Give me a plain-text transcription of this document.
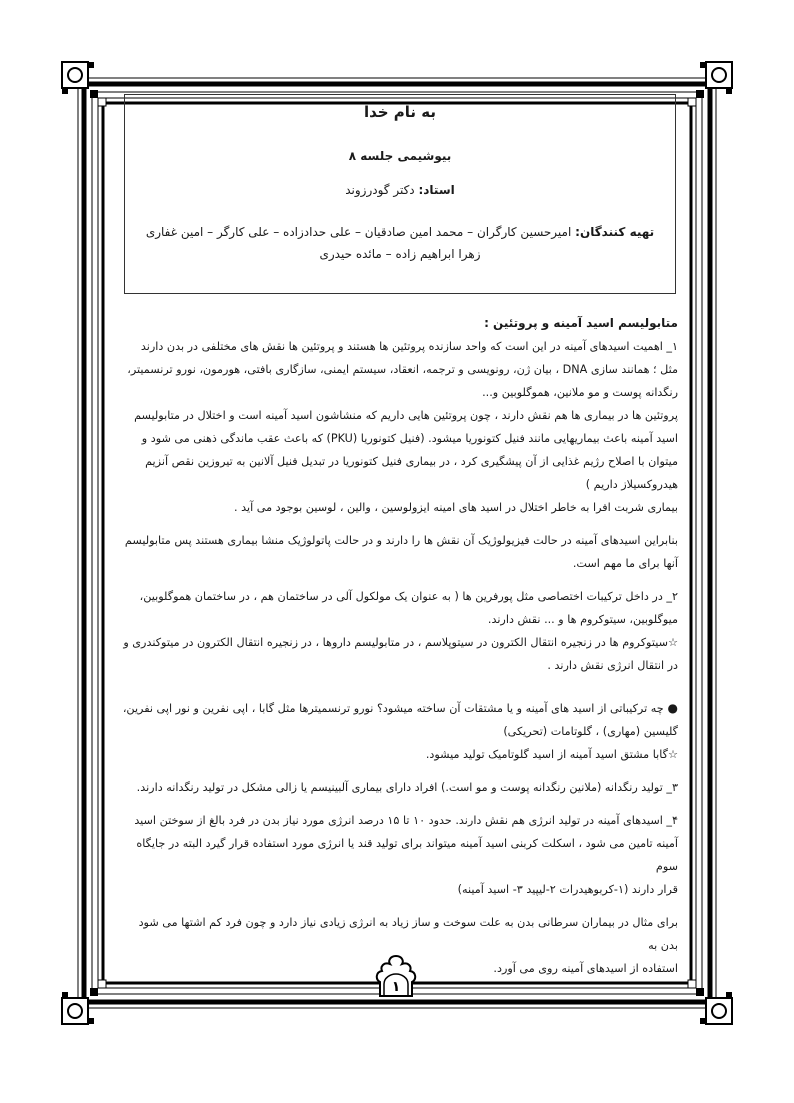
به نام خدا
بیوشیمی جلسه ۸
استاد: دکتر گودرزوند
تهیه کنندگان: امیرحسین کارگران – محمد امین صادقیان – علی حدادزاده – علی کارگر – امین غفاری
زهرا ابراهیم زاده – مائده حیدری

متابولیسم اسید آمینه و پروتئین :

۱_ اهمیت اسیدهای آمینه در این است که واحد سازنده پروتئین ها هستند و پروتئین ها نقش های مختلفی در بدن دارند

مثل ؛ همانند سازی DNA ، بیان ژن، رونویسی و ترجمه، انعقاد، سیستم ایمنی، سازگاری بافتی، هورمون، نورو ترنسمیتر،

رنگدانه پوست و مو ملانین، هموگلوبین و...

پروتئین ها در بیماری ها هم نقش دارند ، چون پروتئین هایی داریم که منشاشون اسید آمینه است و اختلال در متابولیسم

اسید آمینه باعث بیماریهایی مانند فنیل کتونوریا میشود. (فنیل کتونوریا (PKU) که باعث عقب ماندگی ذهنی می شود و

میتوان با اصلاح رژیم غذایی از آن پیشگیری کرد ، در بیماری فنیل کتونوریا در تبدیل فنیل آلانین به تیروزین نقص آنزیم

هیدروکسیلاز داریم )

بیماری شربت افرا به خاطر اختلال در اسید های امینه ایزولوسین ، والین ، لوسین بوجود می آید .

بنابراین اسیدهای آمینه در حالت فیزیولوژیک آن نقش ها را دارند و در حالت پاتولوژیک منشا بیماری هستند پس متابولیسم

آنها برای ما مهم است.

۲_ در داخل ترکیبات اختصاصی مثل پورفرین ها ( به عنوان یک مولکول آلی در ساختمان هم ، در ساختمان هموگلوبین،

میوگلوبین، سیتوکروم ها و ... نقش دارند.

☆سیتوکروم ها در زنجیره انتقال الکترون در سیتوپلاسم ، در متابولیسم داروها ، در زنجیره انتقال الکترون در میتوکندری و

در انتقال انرژی نقش دارند .

● چه ترکیباتی از اسید های آمینه و یا مشتقات آن ساخته میشود؟ نورو ترنسمیترها مثل گابا ، اپی نفرین و نور اپی نفرین،

گلیسین (مهاری) ، گلوتامات (تحریکی)

☆گابا مشتق اسید آمینه از اسید گلوتامیک تولید میشود.

۳_ تولید رنگدانه (ملانین رنگدانه پوست و مو است.) افراد دارای بیماری آلبینیسم یا زالی مشکل در تولید رنگدانه دارند.

۴_ اسیدهای آمینه در تولید انرژی هم نقش دارند. حدود ۱۰ تا ۱۵ درصد انرژی مورد نیاز بدن در فرد بالغ از سوختن اسید

آمینه تامین می شود ، اسکلت کربنی اسید آمینه میتواند برای تولید قند یا انرژی مورد استفاده قرار گیرد البته در جایگاه سوم

قرار دارند (۱-کربوهیدرات ۲-لیپید ۳- اسید آمینه)

برای مثال در بیماران سرطانی بدن به علت سوخت و ساز زیاد به انرژی زیادی نیاز دارد و چون فرد کم اشتها می شود بدن به

استفاده از اسیدهای آمینه روی می آورد.

۱
